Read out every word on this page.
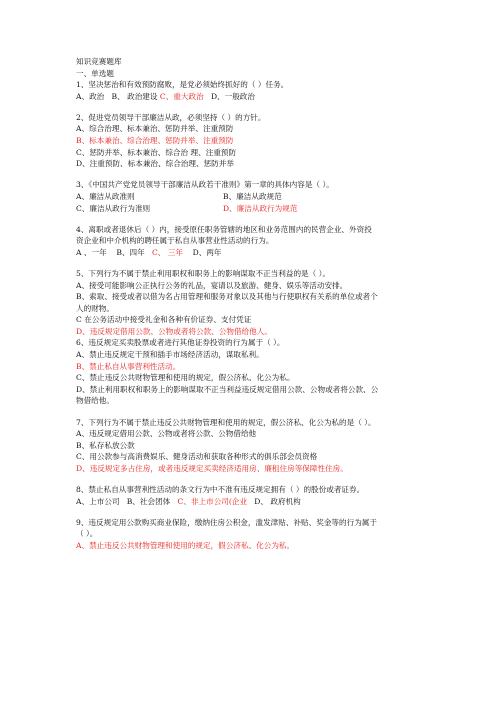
知识竞赛题库
一、单选题
1、坚决惩治和有效预防腐败，是党必须始终抓好的（ ）任务。
A、政治 B、 政治建设 C、重大政治 D、一般政治
2、促进党员领导干部廉洁从政，必须坚持（ ）的方针。
A、综合治理、标本兼治、惩防并举、注重预防
B、标本兼治、综合治理、惩防并举、注重预防
C、惩防并举、标本兼治、综合治 理、注重预防
D、注重预防、标本兼治、综合治理、惩防并举
3、《中国共产党党员领导干部廉洁从政若干准则》第一章的具体内容是（ ）。
A、廉洁从政准则	B、廉洁从政规范
C、廉洁从政行为准则	D、廉洁从政行为规范
4、离职或者退休后（ ）内，接受原任职务管辖的地区和业务范围内的民营企业、外资投
资企业和中介机构的聘任属于私自从事营业性活动的行为。
A 、一年 B、四年 C、 三年 D、两年
5、下列行为不属于禁止利用职权和职务上的影响谋取不正当利益的是（ ）。
A、接受可能影响公正执行公务的礼品，宴请以及旅游、健身、娱乐等活动安排。
B、索取、接受或者以借为名占用管理和服务对象以及其他与行使职权有关系的单位或者个
人的财物。
C 在公务活动中接受礼金和各种有价证券、支付凭证
D、违反规定借用公款、公物或者将公款、公物借给他人。
6、违反规定买卖股票或者进行其他证券投资的行为属于（ ）。
A、禁止违反规定干预和插手市场经济活动，谋取私利。
B、禁止私自从事营利性活动。
C、禁止违反公共财物管理和使用的规定，假公济私、化公为私。
D、禁止利用职权和职务上的影响谋取不正当利益违反规定借用公款、公物或者将公款、公
物借给他。
7、下列行为不属于禁止违反公共财物管理和使用的规定，假公济私、化公为私的是（ ）。
A、违反规定借用公款、公物或者将公款、公物借给他
B、私存私放公款
C、用公款参与高消费娱乐、健身活动和获取各种形式的俱乐部会员资格
D、违反规定多占住房，或者违反规定买卖经济适用房、廉租住房等保障性住房。
8、禁止私自从事营利性活动的条文行为中不准有违反规定拥有（ ）的股份或者证券。
A、上市公司 B、社会团体 C、非上市公司(企业 D、 政府机构
9、违反规定用公款购买商业保险，缴纳住房公积金，滥发津贴、补贴、奖金等的行为属于
（ ）。
A、禁止违反公共财物管理和使用的规定，假公济私、化公为私。
